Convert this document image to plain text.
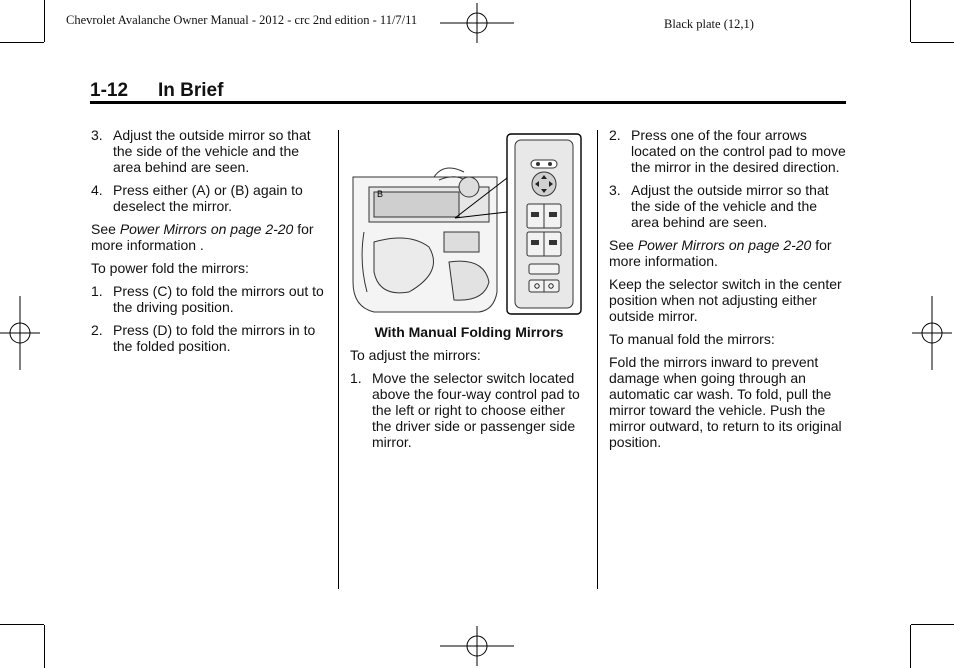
Chevrolet Avalanche Owner Manual - 2012 - crc 2nd edition - 11/7/11	Black plate (12,1)
1-12 In Brief
3. Adjust the outside mirror so that the side of the vehicle and the area behind are seen.
4. Press either (A) or (B) again to deselect the mirror.

See Power Mirrors on page 2-20 for more information .

To power fold the mirrors:

1. Press (C) to fold the mirrors out to the driving position.
2. Press (D) to fold the mirrors in to the folded position.
B

With Manual Folding Mirrors

To adjust the mirrors:

1. Move the selector switch located above the four-way control pad to the left or right to choose either the driver side or passenger side mirror.
2. Press one of the four arrows located on the control pad to move the mirror in the desired direction.
3. Adjust the outside mirror so that the side of the vehicle and the area behind are seen.

See Power Mirrors on page 2-20 for more information.

Keep the selector switch in the center position when not adjusting either outside mirror.

To manual fold the mirrors:

Fold the mirrors inward to prevent damage when going through an automatic car wash. To fold, pull the mirror toward the vehicle. Push the mirror outward, to return to its original position.
